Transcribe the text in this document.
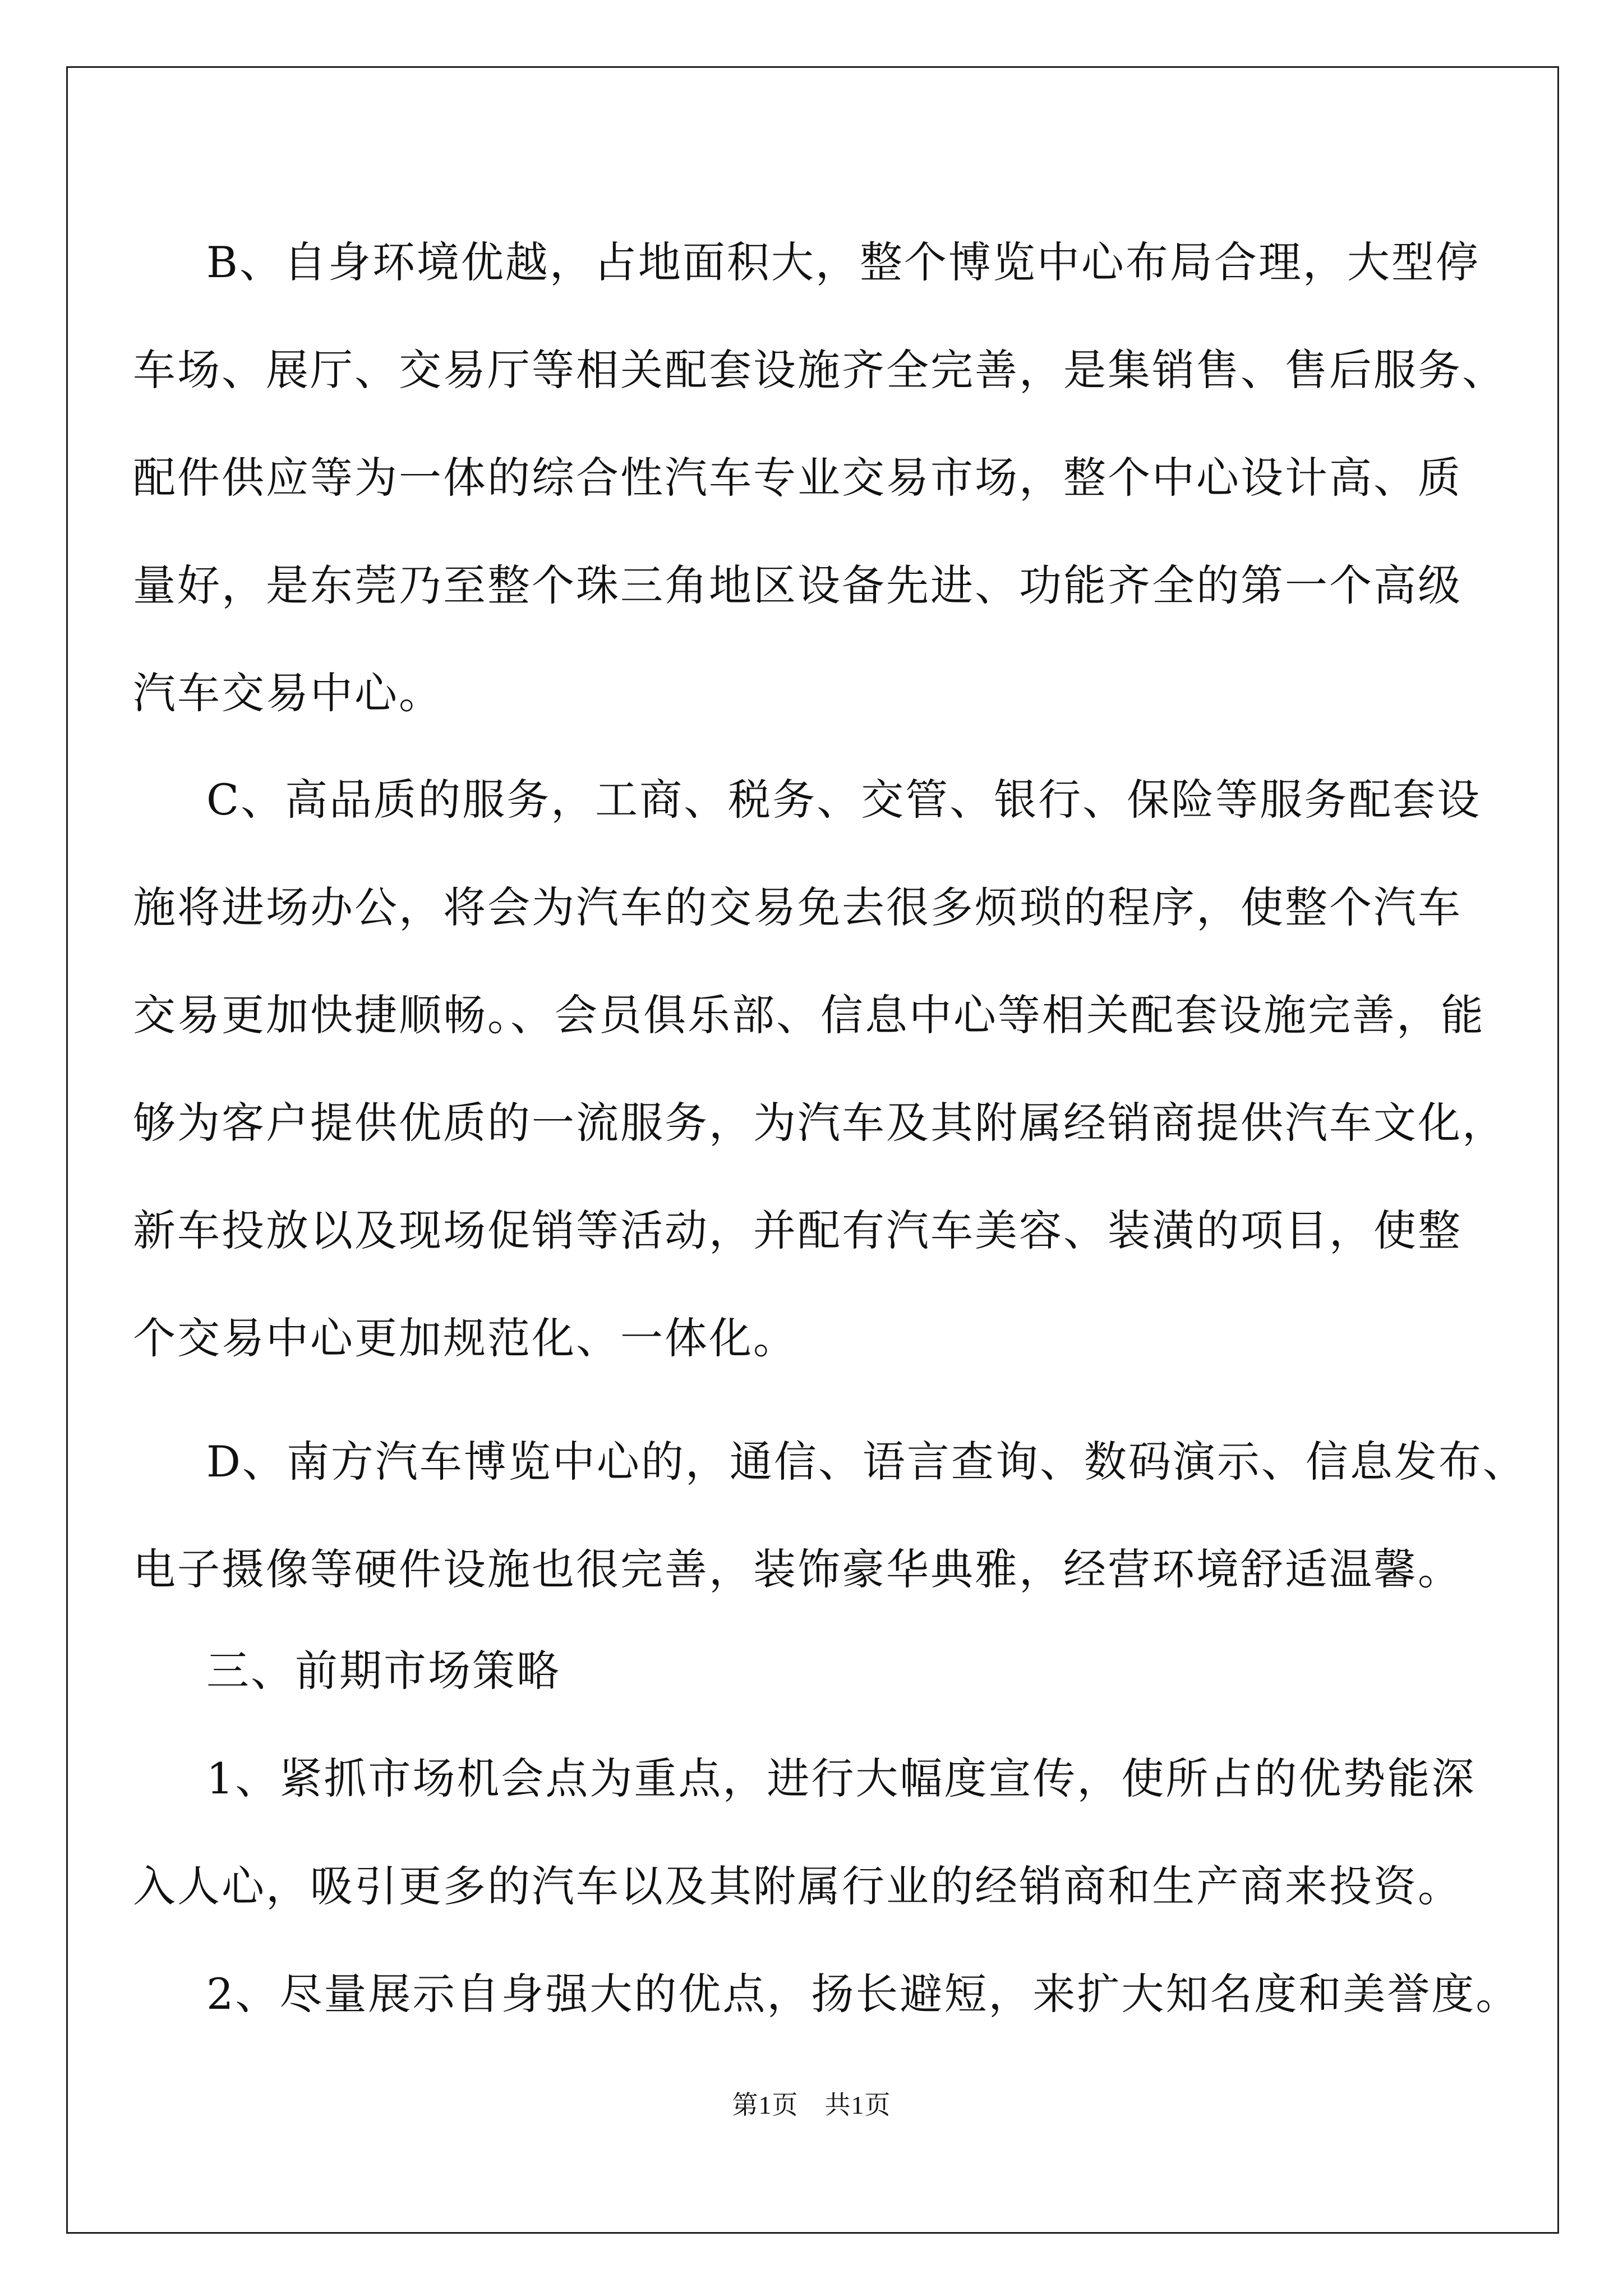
B、自身环境优越，占地面积大，整个博览中心布局合理，大型停
车场、展厅、交易厅等相关配套设施齐全完善，是集销售、售后服务、
配件供应等为一体的综合性汽车专业交易市场，整个中心设计高、质
量好，是东莞乃至整个珠三角地区设备先进、功能齐全的第一个高级
汽车交易中心。
C、高品质的服务，工商、税务、交管、银行、保险等服务配套设
施将进场办公，将会为汽车的交易免去很多烦琐的程序，使整个汽车
交易更加快捷顺畅。、会员俱乐部、信息中心等相关配套设施完善，能
够为客户提供优质的一流服务，为汽车及其附属经销商提供汽车文化，
新车投放以及现场促销等活动，并配有汽车美容、装潢的项目，使整
个交易中心更加规范化、一体化。
D、南方汽车博览中心的，通信、语言查询、数码演示、信息发布、
电子摄像等硬件设施也很完善，装饰豪华典雅，经营环境舒适温馨。
三、前期市场策略
1、紧抓市场机会点为重点，进行大幅度宣传，使所占的优势能深
入人心，吸引更多的汽车以及其附属行业的经销商和生产商来投资。
2、尽量展示自身强大的优点，扬长避短，来扩大知名度和美誉度。
第1页　共1页
